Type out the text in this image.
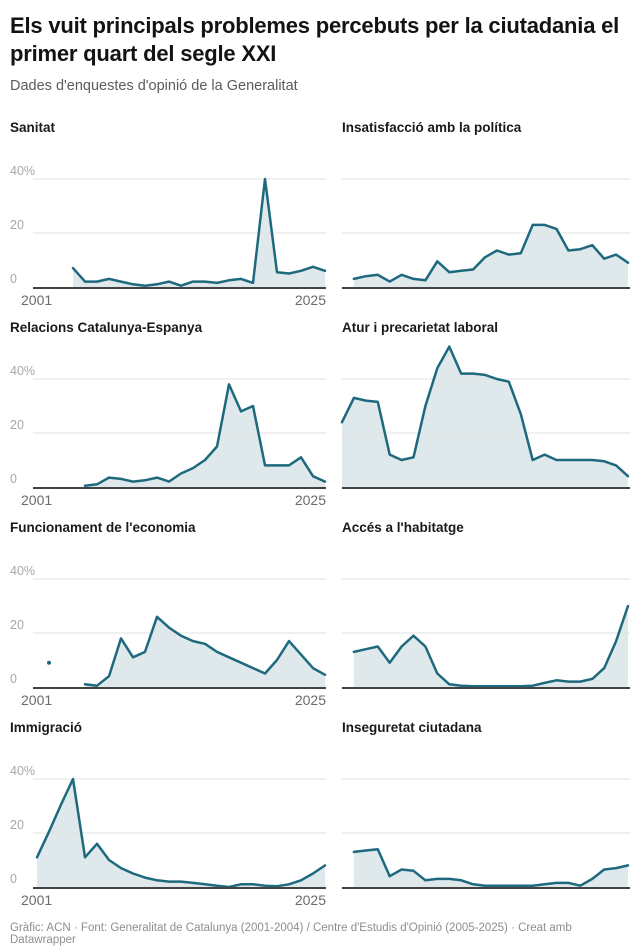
Els vuit principals problemes percebuts per la ciutadania el primer quart del segle XXI

Dades d'enquestes d'opinió de la Generalitat

Sanitat
40%
20
0
2001	2025
Insatisfacció amb la política
Relacions Catalunya-Espanya
40%
20
0
2001	2025
Atur i precarietat laboral
Funcionament de l'economia
40%
20
0
2001	2025
Accés a l'habitatge
Immigració
40%
20
0
2001	2025
Inseguretat ciutadana
Gràfic: ACN · Font: Generalitat de Catalunya (2001-2004) / Centre d'Estudis d'Opinió (2005-2025) · Creat amb Datawrapper
